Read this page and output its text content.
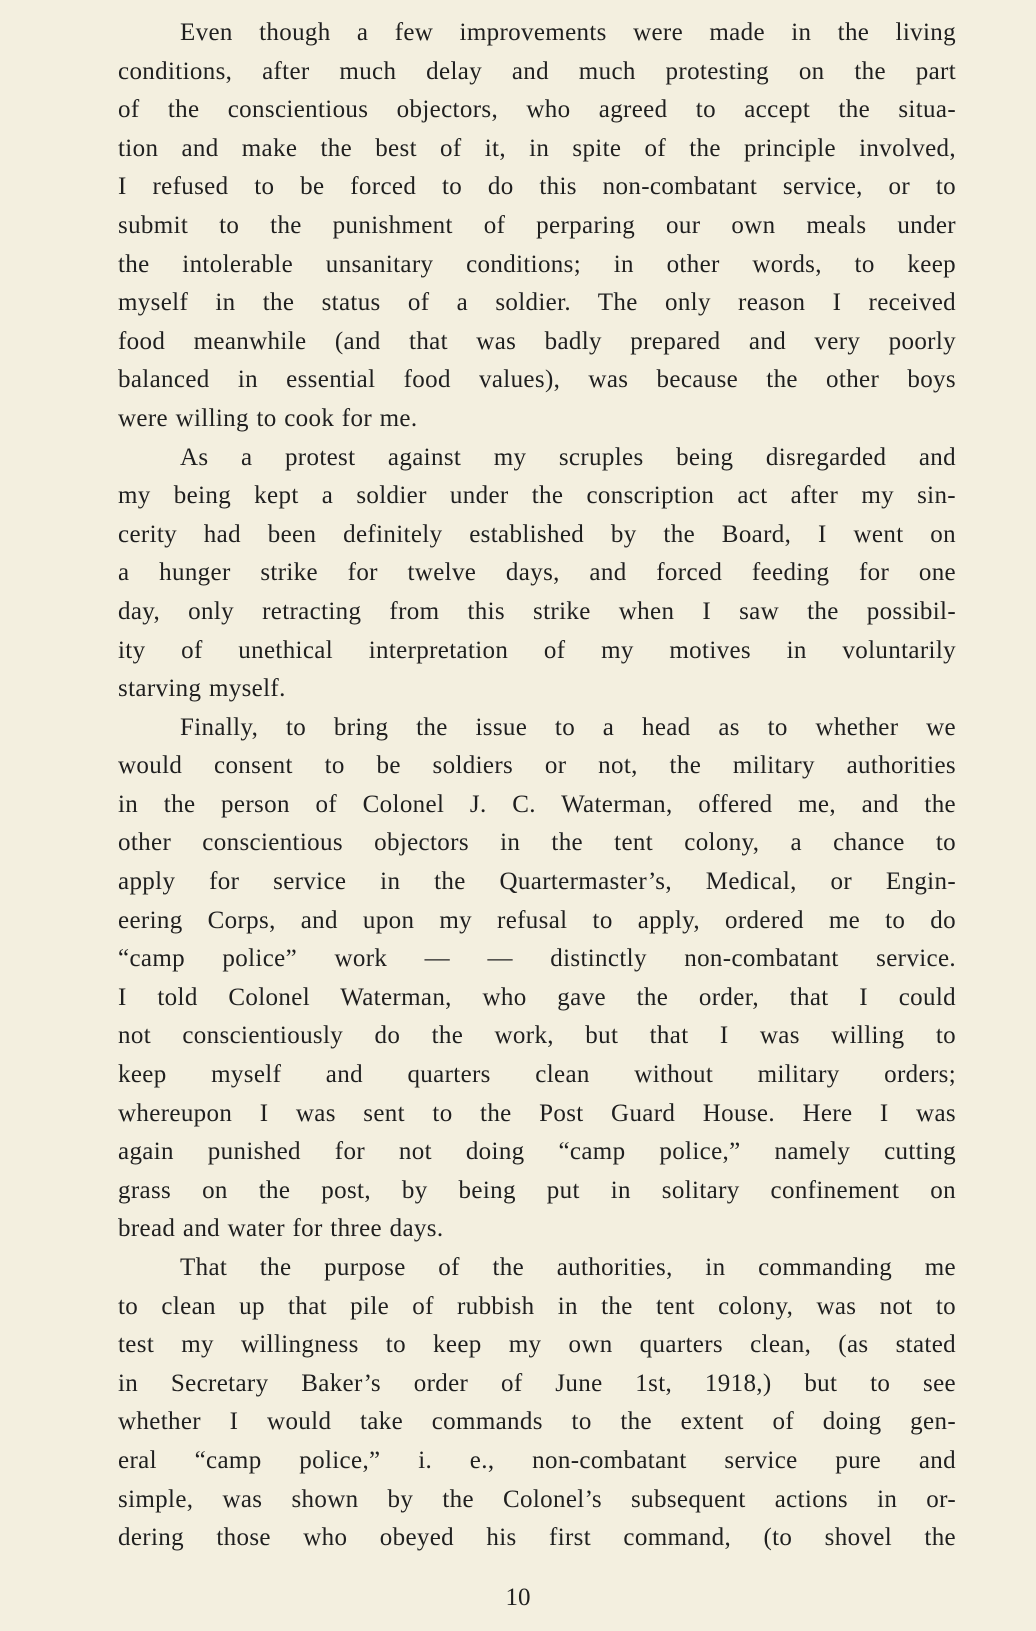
Even though a few improvements were made in the living
conditions, after much delay and much protesting on the part
of the conscientious objectors, who agreed to accept the situa-
tion and make the best of it, in spite of the principle involved,
I refused to be forced to do this non-combatant service, or to
submit to the punishment of perparing our own meals under
the intolerable unsanitary conditions; in other words, to keep
myself in the status of a soldier. The only reason I received
food meanwhile (and that was badly prepared and very poorly
balanced in essential food values), was because the other boys
were willing to cook for me.
As a protest against my scruples being disregarded and
my being kept a soldier under the conscription act after my sin-
cerity had been definitely established by the Board, I went on
a hunger strike for twelve days, and forced feeding for one
day, only retracting from this strike when I saw the possibil-
ity of unethical interpretation of my motives in voluntarily
starving myself.
Finally, to bring the issue to a head as to whether we
would consent to be soldiers or not, the military authorities
in the person of Colonel J. C. Waterman, offered me, and the
other conscientious objectors in the tent colony, a chance to
apply for service in the Quartermaster’s, Medical, or Engin-
eering Corps, and upon my refusal to apply, ordered me to do
“camp police” work — — distinctly non-combatant service.
I told Colonel Waterman, who gave the order, that I could
not conscientiously do the work, but that I was willing to
keep myself and quarters clean without military orders;
whereupon I was sent to the Post Guard House. Here I was
again punished for not doing “camp police,” namely cutting
grass on the post, by being put in solitary confinement on
bread and water for three days.
That the purpose of the authorities, in commanding me
to clean up that pile of rubbish in the tent colony, was not to
test my willingness to keep my own quarters clean, (as stated
in Secretary Baker’s order of June 1st, 1918,) but to see
whether I would take commands to the extent of doing gen-
eral “camp police,” i. e., non-combatant service pure and
simple, was shown by the Colonel’s subsequent actions in or-
dering those who obeyed his first command, (to shovel the
10
